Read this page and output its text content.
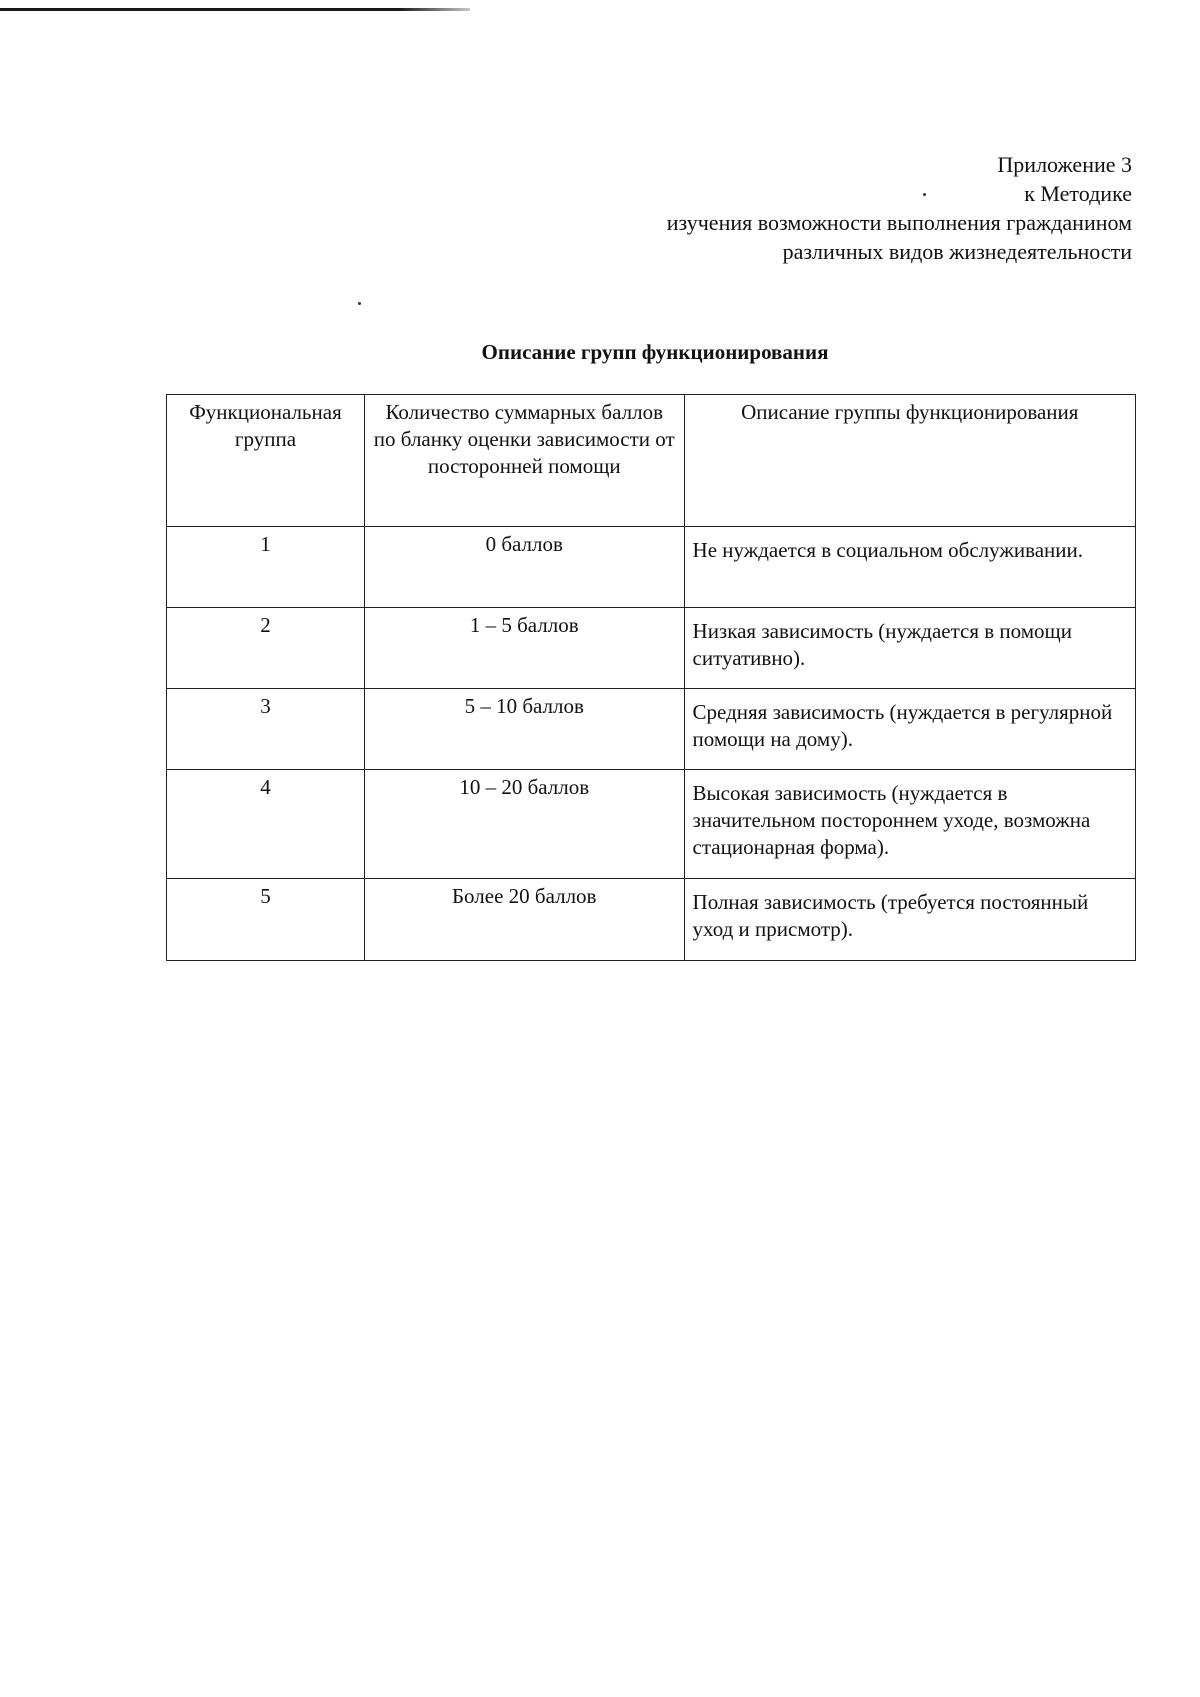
Приложение 3
к Методике
изучения возможности выполнения гражданином
различных видов жизнедеятельности
Описание групп функционирования
Функциональная группа	Количество суммарных баллов по бланку оценки зависимости от посторонней помощи	Описание группы функционирования
1	0 баллов	Не нуждается в социальном обслуживании.
2	1 – 5 баллов	Низкая зависимость (нуждается в помощи ситуативно).
3	5 – 10 баллов	Средняя зависимость (нуждается в регулярной помощи на дому).
4	10 – 20 баллов	Высокая зависимость (нуждается в значительном постороннем уходе, возможна стационарная форма).
5	Более 20 баллов	Полная зависимость (требуется постоянный уход и присмотр).
